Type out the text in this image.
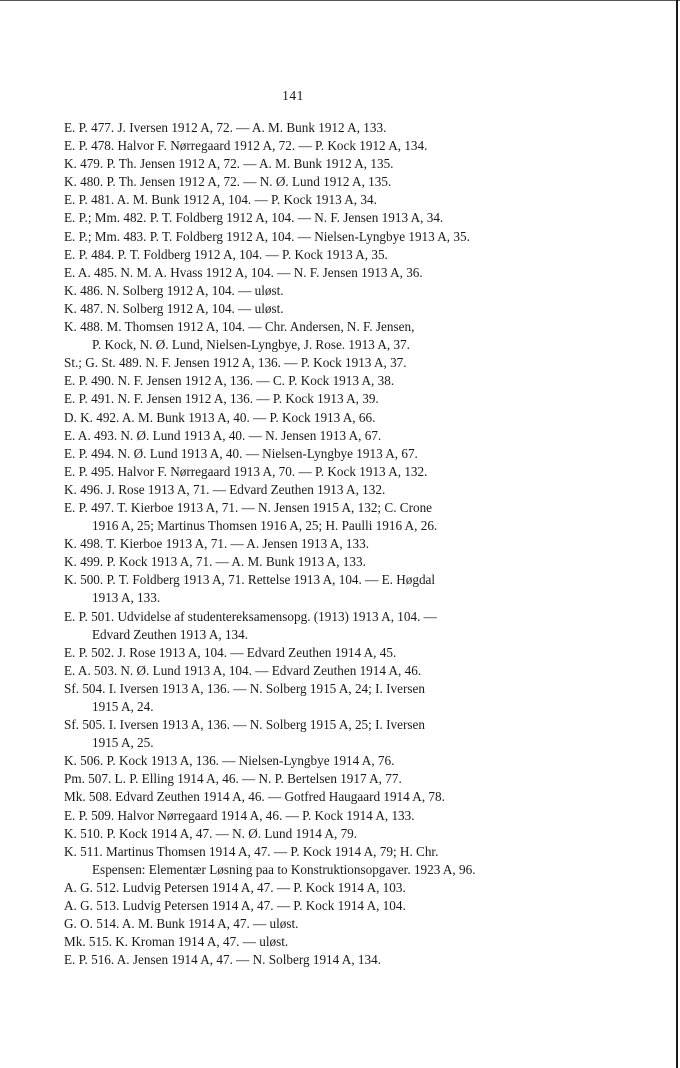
141
E. P. 477. J. Iversen 1912 A, 72. — A. M. Bunk 1912 A, 133.
E. P. 478. Halvor F. Nørregaard 1912 A, 72. — P. Kock 1912 A, 134.
K. 479. P. Th. Jensen 1912 A, 72. — A. M. Bunk 1912 A, 135.
K. 480. P. Th. Jensen 1912 A, 72. — N. Ø. Lund 1912 A, 135.
E. P. 481. A. M. Bunk 1912 A, 104. — P. Kock 1913 A, 34.
E. P.; Mm. 482. P. T. Foldberg 1912 A, 104. — N. F. Jensen 1913 A, 34.
E. P.; Mm. 483. P. T. Foldberg 1912 A, 104. — Nielsen-Lyngbye 1913 A, 35.
E. P. 484. P. T. Foldberg 1912 A, 104. — P. Kock 1913 A, 35.
E. A. 485. N. M. A. Hvass 1912 A, 104. — N. F. Jensen 1913 A, 36.
K. 486. N. Solberg 1912 A, 104. — uløst.
K. 487. N. Solberg 1912 A, 104. — uløst.
K. 488. M. Thomsen 1912 A, 104. — Chr. Andersen, N. F. Jensen,
P. Kock, N. Ø. Lund, Nielsen-Lyngbye, J. Rose. 1913 A, 37.
St.; G. St. 489. N. F. Jensen 1912 A, 136. — P. Kock 1913 A, 37.
E. P. 490. N. F. Jensen 1912 A, 136. — C. P. Kock 1913 A, 38.
E. P. 491. N. F. Jensen 1912 A, 136. — P. Kock 1913 A, 39.
D. K. 492. A. M. Bunk 1913 A, 40. — P. Kock 1913 A, 66.
E. A. 493. N. Ø. Lund 1913 A, 40. — N. Jensen 1913 A, 67.
E. P. 494. N. Ø. Lund 1913 A, 40. — Nielsen-Lyngbye 1913 A, 67.
E. P. 495. Halvor F. Nørregaard 1913 A, 70. — P. Kock 1913 A, 132.
K. 496. J. Rose 1913 A, 71. — Edvard Zeuthen 1913 A, 132.
E. P. 497. T. Kierboe 1913 A, 71. — N. Jensen 1915 A, 132; C. Crone
1916 A, 25; Martinus Thomsen 1916 A, 25; H. Paulli 1916 A, 26.
K. 498. T. Kierboe 1913 A, 71. — A. Jensen 1913 A, 133.
K. 499. P. Kock 1913 A, 71. — A. M. Bunk 1913 A, 133.
K. 500. P. T. Foldberg 1913 A, 71. Rettelse 1913 A, 104. — E. Høgdal
1913 A, 133.
E. P. 501. Udvidelse af studentereksamensopg. (1913) 1913 A, 104. —
Edvard Zeuthen 1913 A, 134.
E. P. 502. J. Rose 1913 A, 104. — Edvard Zeuthen 1914 A, 45.
E. A. 503. N. Ø. Lund 1913 A, 104. — Edvard Zeuthen 1914 A, 46.
Sf. 504. I. Iversen 1913 A, 136. — N. Solberg 1915 A, 24; I. Iversen
1915 A, 24.
Sf. 505. I. Iversen 1913 A, 136. — N. Solberg 1915 A, 25; I. Iversen
1915 A, 25.
K. 506. P. Kock 1913 A, 136. — Nielsen-Lyngbye 1914 A, 76.
Pm. 507. L. P. Elling 1914 A, 46. — N. P. Bertelsen 1917 A, 77.
Mk. 508. Edvard Zeuthen 1914 A, 46. — Gotfred Haugaard 1914 A, 78.
E. P. 509. Halvor Nørregaard 1914 A, 46. — P. Kock 1914 A, 133.
K. 510. P. Kock 1914 A, 47. — N. Ø. Lund 1914 A, 79.
K. 511. Martinus Thomsen 1914 A, 47. — P. Kock 1914 A, 79; H. Chr.
Espensen: Elementær Løsning paa to Konstruktionsopgaver. 1923 A, 96.
A. G. 512. Ludvig Petersen 1914 A, 47. — P. Kock 1914 A, 103.
A. G. 513. Ludvig Petersen 1914 A, 47. — P. Kock 1914 A, 104.
G. O. 514. A. M. Bunk 1914 A, 47. — uløst.
Mk. 515. K. Kroman 1914 A, 47. — uløst.
E. P. 516. A. Jensen 1914 A, 47. — N. Solberg 1914 A, 134.
